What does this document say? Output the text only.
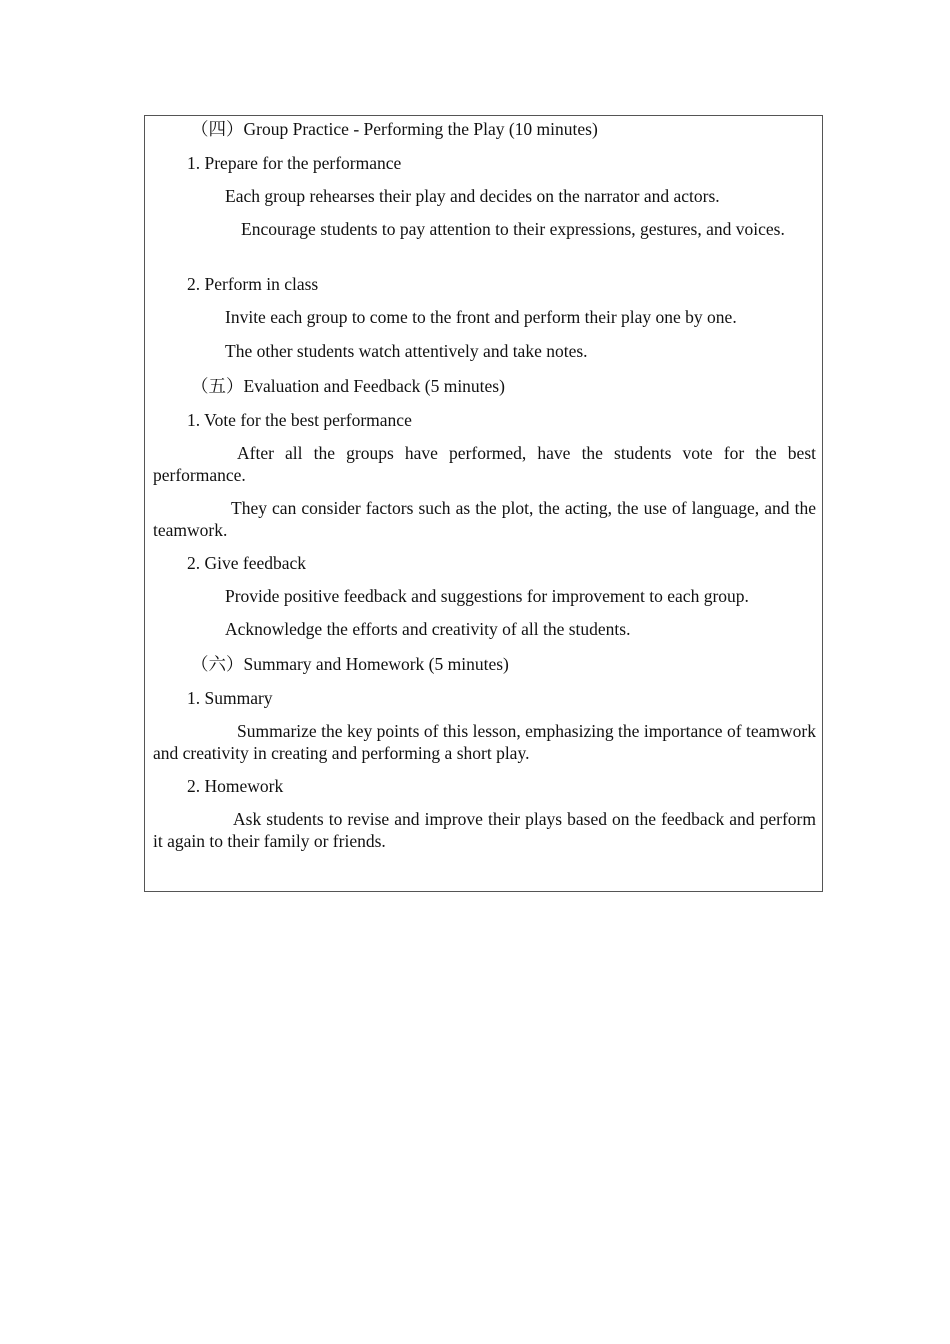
（四）Group Practice - Performing the Play (10 minutes)
1. Prepare for the performance
Each group rehearses their play and decides on the narrator and actors.
Encourage students to pay attention to their expressions, gestures, and voices.
2. Perform in class
Invite each group to come to the front and perform their play one by one.
The other students watch attentively and take notes.
（五）Evaluation and Feedback (5 minutes)
1. Vote for the best performance
After all the groups have performed, have the students vote for the best performance.
They can consider factors such as the plot, the acting, the use of language, and the teamwork.
2. Give feedback
Provide positive feedback and suggestions for improvement to each group.
Acknowledge the efforts and creativity of all the students.
（六）Summary and Homework (5 minutes)
1. Summary
Summarize the key points of this lesson, emphasizing the importance of teamwork and creativity in creating and performing a short play.
2. Homework
Ask students to revise and improve their plays based on the feedback and perform it again to their family or friends.
